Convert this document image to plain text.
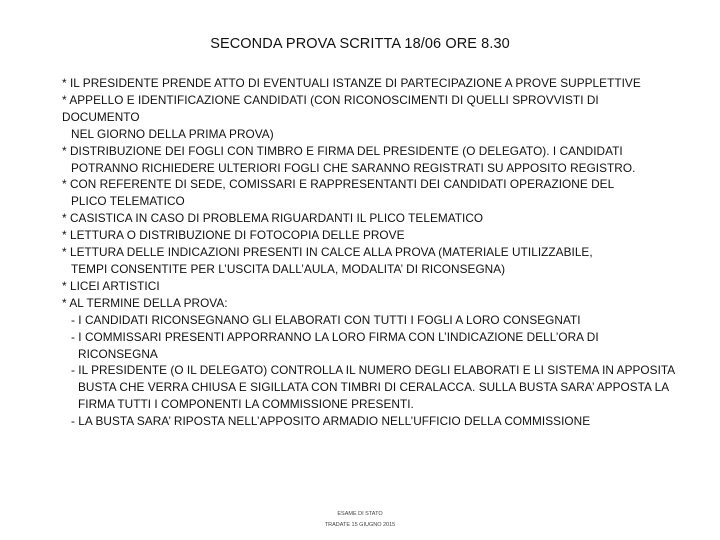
SECONDA PROVA SCRITTA 18/06 ORE 8.30
* IL PRESIDENTE PRENDE ATTO DI EVENTUALI ISTANZE DI PARTECIPAZIONE A PROVE SUPPLETTIVE
* APPELLO E IDENTIFICAZIONE CANDIDATI (CON RICONOSCIMENTI DI QUELLI SPROVVISTI DI
DOCUMENTO
NEL GIORNO DELLA PRIMA PROVA)
* DISTRIBUZIONE DEI FOGLI CON TIMBRO E FIRMA DEL PRESIDENTE (O DELEGATO). I CANDIDATI
POTRANNO RICHIEDERE ULTERIORI FOGLI CHE SARANNO REGISTRATI SU APPOSITO REGISTRO.
* CON REFERENTE DI SEDE, COMISSARI E RAPPRESENTANTI DEI CANDIDATI OPERAZIONE DEL
PLICO TELEMATICO
* CASISTICA IN CASO DI PROBLEMA RIGUARDANTI IL PLICO TELEMATICO
* LETTURA O DISTRIBUZIONE DI FOTOCOPIA DELLE PROVE
* LETTURA DELLE INDICAZIONI PRESENTI IN CALCE ALLA PROVA (MATERIALE UTILIZZABILE,
TEMPI CONSENTITE PER L’USCITA DALL’AULA, MODALITA’ DI RICONSEGNA)
* LICEI ARTISTICI
* AL TERMINE DELLA PROVA:
- I CANDIDATI RICONSEGNANO GLI ELABORATI CON TUTTI I FOGLI A LORO CONSEGNATI
- I COMMISSARI PRESENTI APPORRANNO LA LORO FIRMA CON L’INDICAZIONE DELL’ORA DI
RICONSEGNA
- IL PRESIDENTE (O IL DELEGATO) CONTROLLA IL NUMERO DEGLI ELABORATI E LI SISTEMA IN APPOSITA
BUSTA CHE VERRA CHIUSA E SIGILLATA CON TIMBRI DI CERALACCA. SULLA BUSTA SARA’ APPOSTA LA
FIRMA TUTTI I COMPONENTI LA COMMISSIONE PRESENTI.
- LA BUSTA SARA’ RIPOSTA NELL’APPOSITO ARMADIO NELL’UFFICIO DELLA COMMISSIONE
ESAME DI STATO
TRADATE 15 GIUGNO 2015
